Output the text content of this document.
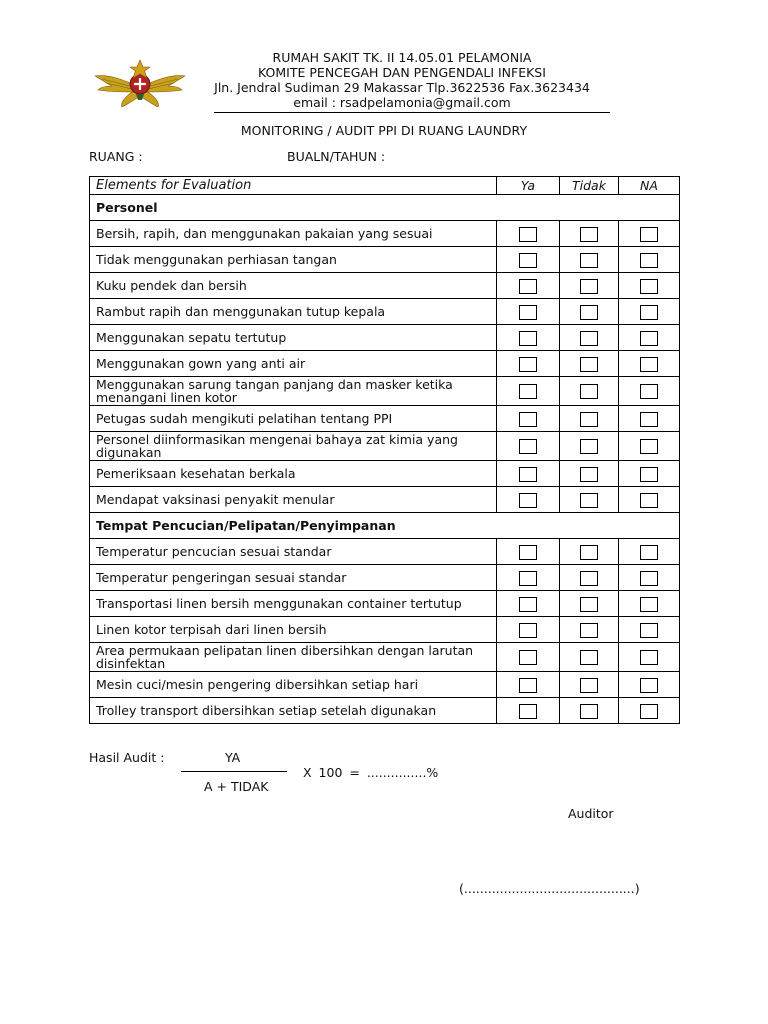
RUMAH SAKIT TK. II 14.05.01 PELAMONIA
KOMITE PENCEGAH DAN PENGENDALI INFEKSI
Jln. Jendral Sudiman 29 Makassar Tlp.3622536 Fax.3623434
email : rsadpelamonia@gmail.com
MONITORING / AUDIT PPI DI RUANG LAUNDRY
RUANG :	BUALN/TAHUN :
Elements for Evaluation	Ya	Tidak	NA
Personel			
Bersih, rapih, dan menggunakan pakaian yang sesuai			
Tidak menggunakan perhiasan tangan			
Kuku pendek dan bersih			
Rambut rapih dan menggunakan tutup kepala			
Menggunakan sepatu tertutup			
Menggunakan gown yang anti air			
Menggunakan sarung tangan panjang dan masker ketika menangani linen kotor			
Petugas sudah mengikuti pelatihan tentang PPI			
Personel diinformasikan mengenai bahaya zat kimia yang digunakan			
Pemeriksaan kesehatan berkala			
Mendapat vaksinasi penyakit menular			
Tempat Pencucian/Pelipatan/Penyimpanan			
Temperatur pencucian sesuai standar			
Temperatur pengeringan sesuai standar			
Transportasi linen bersih menggunakan container tertutup			
Linen kotor terpisah dari linen bersih			
Area permukaan pelipatan linen dibersihkan dengan larutan disinfektan			
Mesin cuci/mesin pengering dibersihkan setiap hari			
Trolley transport dibersihkan setiap setelah digunakan			
Hasil Audit :	YA
A + TIDAK
X 100 = ...............%
Auditor
(...........................................)
